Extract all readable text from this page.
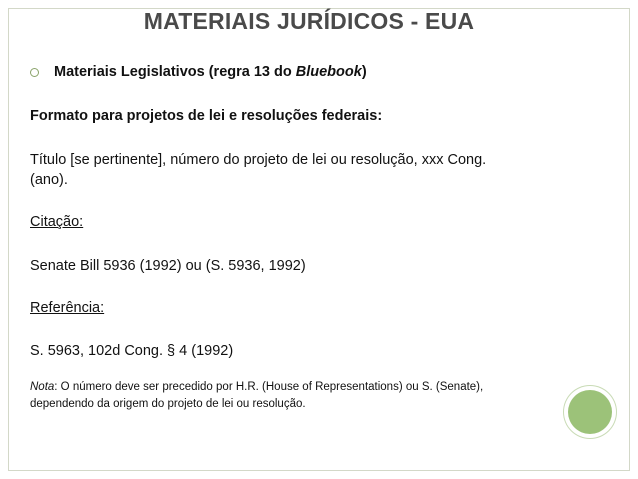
MATERIAIS JURÍDICOS - EUA
Materiais Legislativos (regra 13 do Bluebook)
Formato para projetos de lei e resoluções federais:
Título [se pertinente], número do projeto de lei ou resolução, xxx Cong.
(ano).
Citação:
Senate Bill 5936 (1992) ou (S. 5936, 1992)
Referência:
S. 5963, 102d Cong. § 4 (1992)
Nota: O número deve ser precedido por H.R. (House of Representations) ou S. (Senate),
dependendo da origem do projeto de lei ou resolução.
